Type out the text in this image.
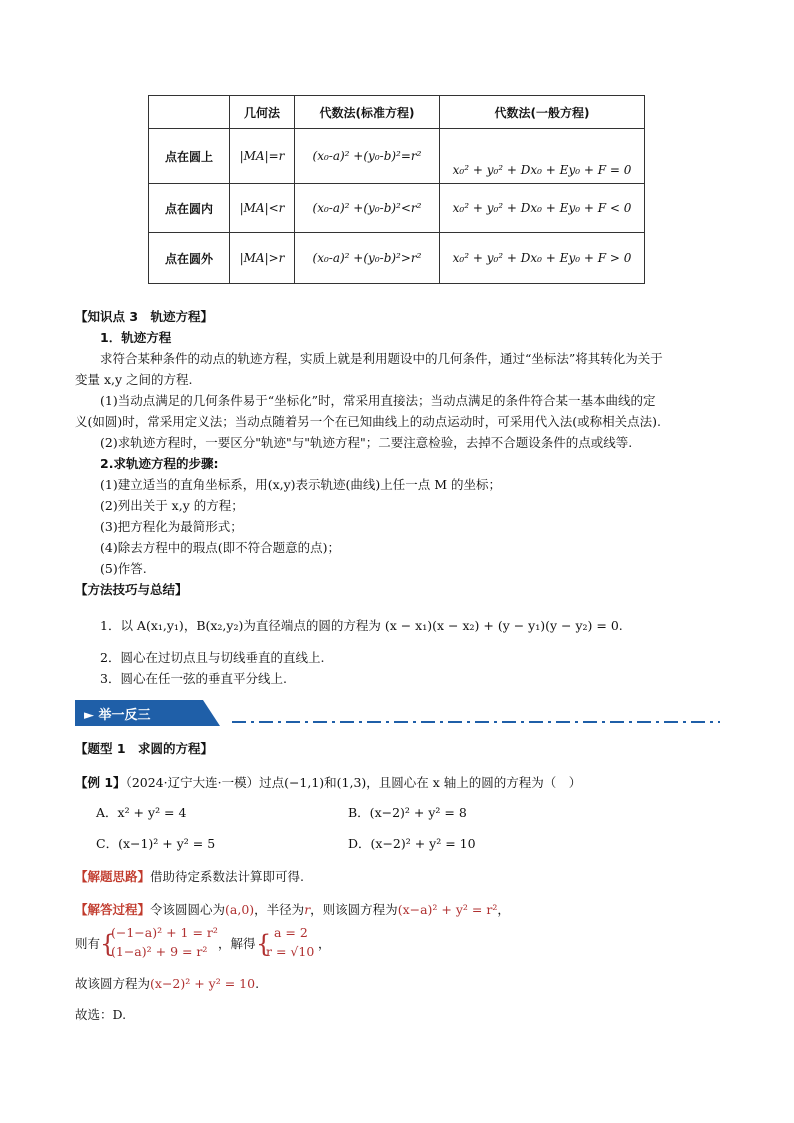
	几何法	代数法(标准方程)	代数法(一般方程)
点在圆上	|MA|=r	(x₀-a)² +(y₀-b)²=r²	x₀² + y₀² + Dx₀ + Ey₀ + F = 0
点在圆内	|MA|<r	(x₀-a)² +(y₀-b)²<r²	x₀² + y₀² + Dx₀ + Ey₀ + F < 0
点在圆外	|MA|>r	(x₀-a)² +(y₀-b)²>r²	x₀² + y₀² + Dx₀ + Ey₀ + F > 0
【知识点 3　轨迹方程】
1．轨迹方程
求符合某种条件的动点的轨迹方程，实质上就是利用题设中的几何条件，通过“坐标法”将其转化为关于
变量 x,y 之间的方程.
(1)当动点满足的几何条件易于“坐标化”时，常采用直接法；当动点满足的条件符合某一基本曲线的定
义(如圆)时，常采用定义法；当动点随着另一个在已知曲线上的动点运动时，可采用代入法(或称相关点法).
(2)求轨迹方程时，一要区分"轨迹"与"轨迹方程"；二要注意检验，去掉不合题设条件的点或线等.
2.求轨迹方程的步骤:
(1)建立适当的直角坐标系，用(x,y)表示轨迹(曲线)上任一点 M 的坐标；
(2)列出关于 x,y 的方程；
(3)把方程化为最简形式；
(4)除去方程中的瑕点(即不符合题意的点)；
(5)作答.
【方法技巧与总结】
1．以 A(x₁,y₁)，B(x₂,y₂)为直径端点的圆的方程为 (x − x₁)(x − x₂) + (y − y₁)(y − y₂) = 0.
2．圆心在过切点且与切线垂直的直线上.
3．圆心在任一弦的垂直平分线上.
► 举一反三
【题型 1　求圆的方程】
【例 1】（2024·辽宁大连·一模）过点(−1,1)和(1,3)，且圆心在 x 轴上的圆的方程为（　）
A．x² + y² = 4	B．(x−2)² + y² = 8
C．(x−1)² + y² = 5	D．(x−2)² + y² = 10
【解题思路】借助待定系数法计算即可得.
【解答过程】令该圆圆心为(a,0)，半径为r，则该圆方程为(x−a)² + y² = r²，
则有 {
(−1−a)² + 1 = r²
(1−a)² + 9 = r²
，解得 { a = 2
r = √10
，
故该圆方程为(x−2)² + y² = 10.
故选：D.
